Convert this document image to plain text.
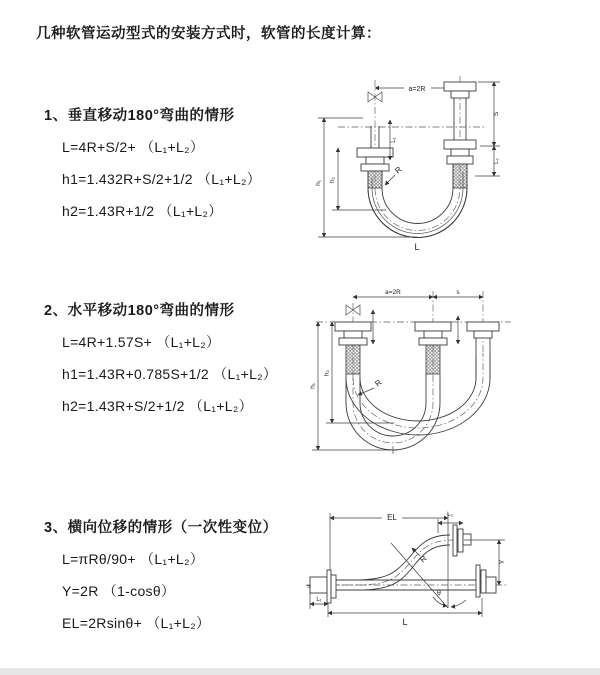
几种软管运动型式的安装方式时，软管的长度计算：
1、垂直移动180°弯曲的情形
L=4R+S/2+ （L₁+L₂）
h1=1.432R+S/2+1/2 （L₁+L₂）
h2=1.43R+1/2 （L₁+L₂）
2、水平移动180°弯曲的情形
L=4R+1.57S+ （L₁+L₂）
h1=1.43R+0.785S+1/2 （L₁+L₂）
h2=1.43R+S/2+1/2 （L₁+L₂）
3、横向位移的情形（一次性变位）
L=πRθ/90+ （L₁+L₂）
Y=2R （1-cosθ）
EL=2Rsinθ+ （L₁+L₂）
a=2R
h₁ h₂
L₁
S
L₂
R
L
a=2R	s
h₁
h₂
R
EL	L₂
≈
Y
R
θ
L
L₁
